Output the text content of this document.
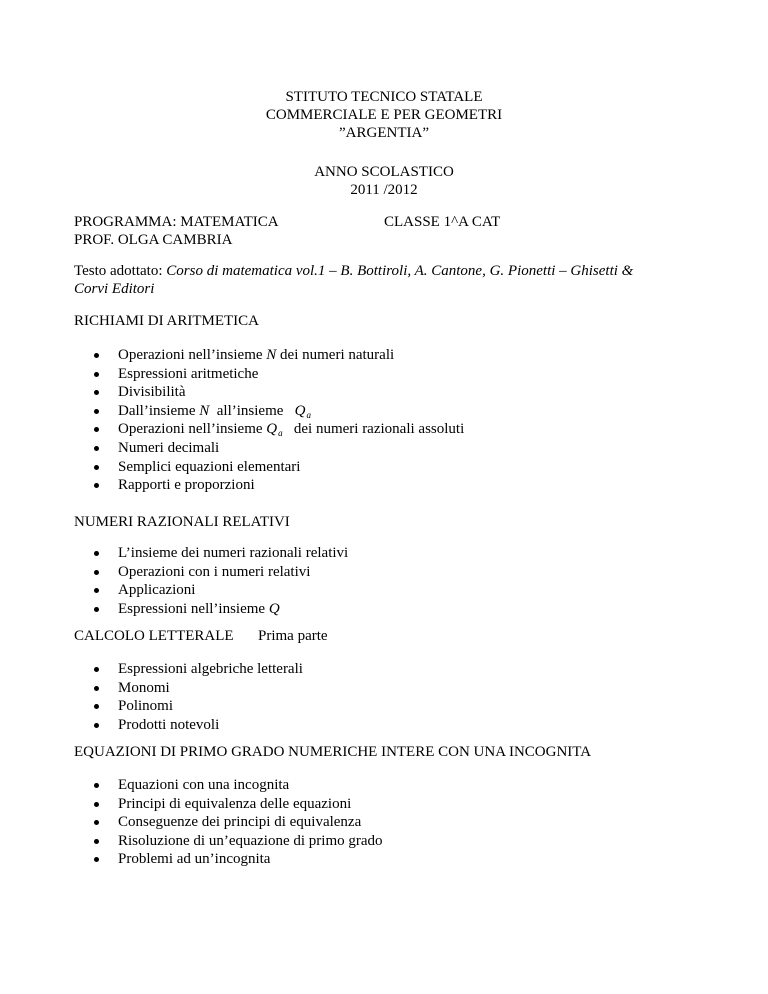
STITUTO TECNICO STATALE
COMMERCIALE E PER GEOMETRI
”ARGENTIA”
ANNO SCOLASTICO
2011 /2012
PROGRAMMA: MATEMATICA
PROF. OLGA CAMBRIA
CLASSE 1^A CAT
Testo adottato: Corso di matematica vol.1 – B. Bottiroli, A. Cantone, G. Pionetti – Ghisetti &
Corvi Editori
RICHIAMI DI ARITMETICA
Operazioni nell’insieme N dei numeri naturali
Espressioni aritmetiche
Divisibilità
Dall’insieme N  all’insieme   $Q_a$
Operazioni nell’insieme $Q_a$   dei numeri razionali assoluti
Numeri decimali
Semplici equazioni elementari
Rapporti e proporzioni
NUMERI RAZIONALI RELATIVI
L’insieme dei numeri razionali relativi
Operazioni con i numeri relativi
Applicazioni
Espressioni nell’insieme Q
CALCOLO LETTERALE Prima parte
Espressioni algebriche letterali
Monomi
Polinomi
Prodotti notevoli
EQUAZIONI DI PRIMO GRADO NUMERICHE INTERE CON UNA INCOGNITA
Equazioni con una incognita
Principi di equivalenza delle equazioni
Conseguenze dei principi di equivalenza
Risoluzione di un’equazione di primo grado
Problemi ad un’incognita
